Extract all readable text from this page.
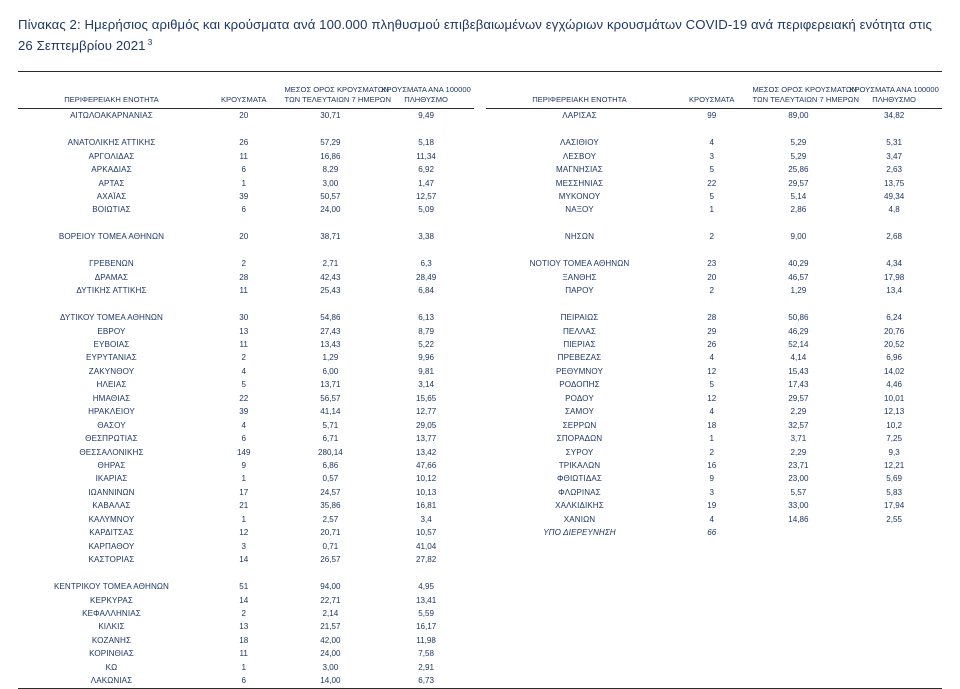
Πίνακας 2: Ημερήσιος αριθμός και κρούσματα ανά 100.000 πληθυσμού επιβεβαιωμένων εγχώριων κρουσμάτων COVID-19 ανά περιφερειακή ενότητα στις 26 Σεπτεμβρίου 2021 $^3$
ΠΕΡΙΦΕΡΕΙΑΚΗ ΕΝΟΤΗΤΑ	ΚΡΟΥΣΜΑΤΑ	ΜΕΣΟΣ ΟΡΟΣ ΚΡΟΥΣΜΑΤΩΝ
ΤΩΝ ΤΕΛΕΥΤΑΙΩΝ 7 ΗΜΕΡΩΝ	ΚΡΟΥΣΜΑΤΑ ΑΝΑ 100000
ΠΛΗΘΥΣΜΟ

ΑΙΤΩΛΟΑΚΑΡΝΑΝΙΑΣ	20	30,71	9,49

ΑΝΑΤΟΛΙΚΗΣ ΑΤΤΙΚΗΣ	26	57,29	5,18
ΑΡΓΟΛΙΔΑΣ	11	16,86	11,34
ΑΡΚΑΔΙΑΣ	6	8,29	6,92
ΑΡΤΑΣ	1	3,00	1,47
ΑΧΑΪΑΣ	39	50,57	12,57
ΒΟΙΩΤΙΑΣ	6	24,00	5,09

ΒΟΡΕΙΟΥ ΤΟΜΕΑ ΑΘΗΝΩΝ	20	38,71	3,38

ΓΡΕΒΕΝΩΝ	2	2,71	6,3
ΔΡΑΜΑΣ	28	42,43	28,49
ΔΥΤΙΚΗΣ ΑΤΤΙΚΗΣ	11	25,43	6,84

ΔΥΤΙΚΟΥ ΤΟΜΕΑ ΑΘΗΝΩΝ	30	54,86	6,13
ΕΒΡΟΥ	13	27,43	8,79
ΕΥΒΟΙΑΣ	11	13,43	5,22
ΕΥΡΥΤΑΝΙΑΣ	2	1,29	9,96
ΖΑΚΥΝΘΟΥ	4	6,00	9,81
ΗΛΕΙΑΣ	5	13,71	3,14
ΗΜΑΘΙΑΣ	22	56,57	15,65
ΗΡΑΚΛΕΙΟΥ	39	41,14	12,77
ΘΑΣΟΥ	4	5,71	29,05
ΘΕΣΠΡΩΤΙΑΣ	6	6,71	13,77
ΘΕΣΣΑΛΟΝΙΚΗΣ	149	280,14	13,42
ΘΗΡΑΣ	9	6,86	47,66
ΙΚΑΡΙΑΣ	1	0,57	10,12
ΙΩΑΝΝΙΝΩΝ	17	24,57	10,13
ΚΑΒΑΛΑΣ	21	35,86	16,81
ΚΑΛΥΜΝΟΥ	1	2,57	3,4
ΚΑΡΔΙΤΣΑΣ	12	20,71	10,57
ΚΑΡΠΑΘΟΥ	3	0,71	41,04
ΚΑΣΤΟΡΙΑΣ	14	26,57	27,82

ΚΕΝΤΡΙΚΟΥ ΤΟΜΕΑ ΑΘΗΝΩΝ	51	94,00	4,95
ΚΕΡΚΥΡΑΣ	14	22,71	13,41
ΚΕΦΑΛΛΗΝΙΑΣ	2	2,14	5,59
ΚΙΛΚΙΣ	13	21,57	16,17
ΚΟΖΑΝΗΣ	18	42,00	11,98
ΚΟΡΙΝΘΙΑΣ	11	24,00	7,58
ΚΩ	1	3,00	2,91
ΛΑΚΩΝΙΑΣ	6	14,00	6,73
ΠΕΡΙΦΕΡΕΙΑΚΗ ΕΝΟΤΗΤΑ	ΚΡΟΥΣΜΑΤΑ	ΜΕΣΟΣ ΟΡΟΣ ΚΡΟΥΣΜΑΤΩΝ
ΤΩΝ ΤΕΛΕΥΤΑΙΩΝ 7 ΗΜΕΡΩΝ	ΚΡΟΥΣΜΑΤΑ ΑΝΑ 100000
ΠΛΗΘΥΣΜΟ

ΛΑΡΙΣΑΣ	99	89,00	34,82

ΛΑΣΙΘΙΟΥ	4	5,29	5,31
ΛΕΣΒΟΥ	3	5,29	3,47
ΜΑΓΝΗΣΙΑΣ	5	25,86	2,63
ΜΕΣΣΗΝΙΑΣ	22	29,57	13,75
ΜΥΚΟΝΟΥ	5	5,14	49,34
ΝΑΞΟΥ	1	2,86	4,8

ΝΗΣΩΝ	2	9,00	2,68

ΝΟΤΙΟΥ ΤΟΜΕΑ ΑΘΗΝΩΝ	23	40,29	4,34
ΞΑΝΘΗΣ	20	46,57	17,98
ΠΑΡΟΥ	2	1,29	13,4

ΠΕΙΡΑΙΩΣ	28	50,86	6,24
ΠΕΛΛΑΣ	29	46,29	20,76
ΠΙΕΡΙΑΣ	26	52,14	20,52
ΠΡΕΒΕΖΑΣ	4	4,14	6,96
ΡΕΘΥΜΝΟΥ	12	15,43	14,02
ΡΟΔΟΠΗΣ	5	17,43	4,46
ΡΟΔΟΥ	12	29,57	10,01
ΣΑΜΟΥ	4	2,29	12,13
ΣΕΡΡΩΝ	18	32,57	10,2
ΣΠΟΡΑΔΩΝ	1	3,71	7,25
ΣΥΡΟΥ	2	2,29	9,3
ΤΡΙΚΑΛΩΝ	16	23,71	12,21
ΦΘΙΩΤΙΔΑΣ	9	23,00	5,69
ΦΛΩΡΙΝΑΣ	3	5,57	5,83
ΧΑΛΚΙΔΙΚΗΣ	19	33,00	17,94
ΧΑΝΙΩΝ	4	14,86	2,55
ΥΠΟ ΔΙΕΡΕΥΝΗΣΗ	66		
